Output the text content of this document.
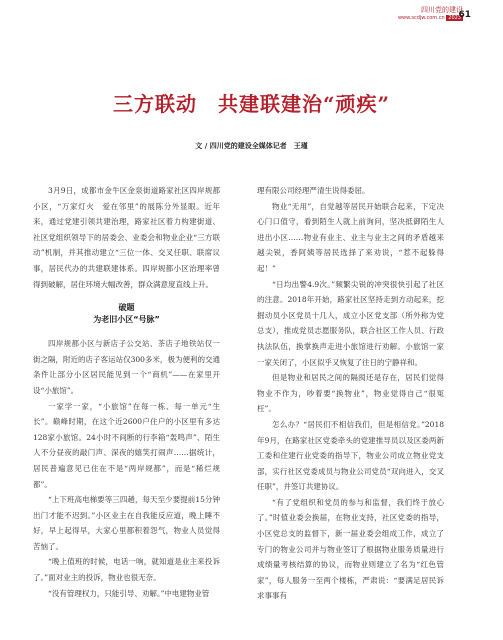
四川党的建设
www.scdjw.com.cn 2023
61
三方联动　共建联建治“顽疾”
文 / 四川党的建设全媒体记者　王瑾

3月9日，成都市金牛区金泉街道路家社区四岸规都小区，“万家灯火　爱在邻里”的展陈分外显眼。近年来，通过党建引领共建治理，路家社区着力构建街道、社区党组织领导下的居委会、业委会和物业企业“三方联动”机制，并其推动建立“三位一体、交叉任职、联席议事，居民代办的共建联建体系。四岸规都小区治理率曾得到破解，居住环境大幅改善，群众满意度直线上升。

破题
为老旧小区“号脉”

四岸规都小区与新店子公交站、茶店子地铁站仅一街之隔，附近的店子客运站仅300多米，极为便利的交通条件让部分小区居民能见到一个“商机”——在家里开设“小旅馆”。

一家学一家，“小旅馆”在每一栋、每一单元“生长”。巅峰时期，在这个近2600户住户的小区里有多达128家小旅馆。24小时不间断的行李箱“轰鸣声”、陌生人不分昼夜的敲门声、深夜的嬉笑打闹声……据统计，居民普遍意见已住在不是“两岸规都”，而是“稀烂规都”。

“上下班高电梯要等三四趟，每天至少要提前15分钟出门才能不迟到。”小区业主在自我能反应道，晚上睡不好，早上起得早，大家心里都积着怨气，物业人员觉得苦恼了。

“晚上值班的时候，电话一响，就知道是业主来投诉了。”面对业主的投诉，物业也很无奈。

“没有管理权力，只能引导、劝解。”中电建物业管

理有限公司经理严清生说得委屈。

物业“无用”，自觉越等居民开始联合起来，下定决心门口值守，看到陌生人就上前询问，坚决抵御陌生人进出小区……物业有业主、业主与业主之间的矛盾越来越尖锐，香阿姨等居民选择了来劝说，“惹不起躲得起！”

“日均出警4.9次。”频繁尖锐的冲突很快引起了社区的注意。2018年开始，路家社区坚持走到方动起来，挖掘动员小区党员十几人，成立小区党支部（所外称为党总支），推成党员志愿服务队，联合社区工作人员、行政执法队伍，换掌换声走进小旅馆进行劝解。小旅馆一家一家关闭了，小区似乎又恢复了往日的宁静祥和。

但是物业和居民之间的隔阂还是存在，居民们觉得物业不作为，吵着要“换物业”，物业觉得自己“很冤枉”。

怎么办？“居民们不相信我们，但是相信党。”2018年9月，在路家社区党委牵头的党建推导员以及区委两新工委和住建行业党委的指导下，物业公司成立物业党支部，实行社区党委成员与物业公司党员“双向进入，交叉任职”，并签订共建协议。

“有了党组织和党员的参与和监督，我们终于放心了。”时值业委会换届，在物业支持，社区党委的指导，小区党总支的监督下，新一届业委会组成工作，成立了专门的物业公司并与物业签订了根据物业服务质量进行成绩量考核结算的协议，而物业则建立了名为“红色管家”，每人服务一至两个楼栋，严肃说：“要满足居民诉求事事有
